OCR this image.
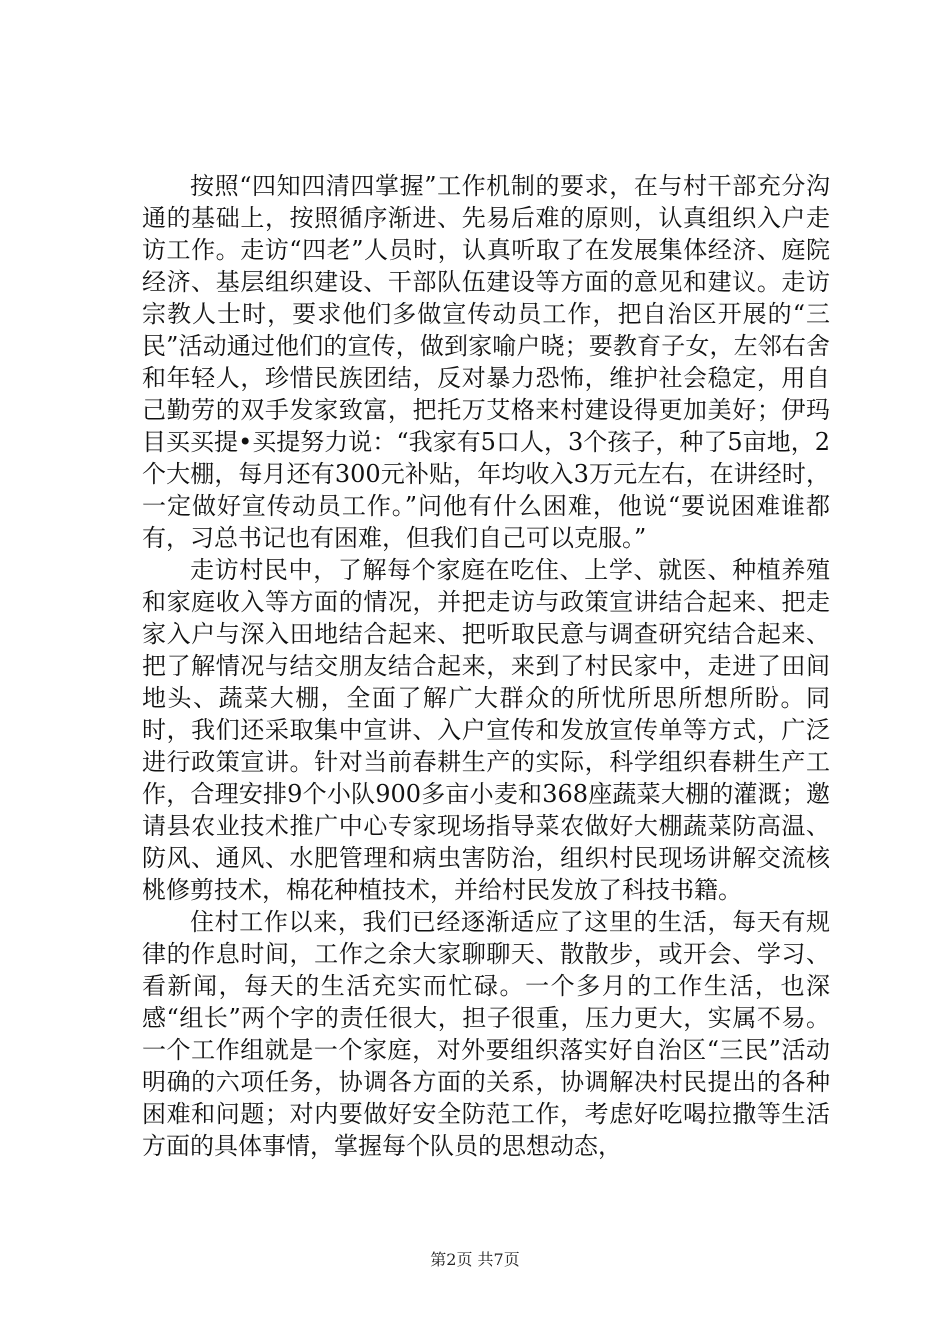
按照“四知四清四掌握”工作机制的要求，在与村干部充分沟通的基础上，按照循序渐进、先易后难的原则，认真组织入户走访工作。走访“四老”人员时，认真听取了在发展集体经济、庭院经济、基层组织建设、干部队伍建设等方面的意见和建议。走访宗教人士时，要求他们多做宣传动员工作，把自治区开展的“三民”活动通过他们的宣传，做到家喻户晓；要教育子女，左邻右舍和年轻人，珍惜民族团结，反对暴力恐怖，维护社会稳定，用自己勤劳的双手发家致富，把托万艾格来村建设得更加美好；伊玛目买买提•买提努力说：“我家有5口人，3个孩子，种了5亩地，2个大棚，每月还有300元补贴，年均收入3万元左右，在讲经时，一定做好宣传动员工作。”问他有什么困难，他说“要说困难谁都有，习总书记也有困难，但我们自己可以克服。”

走访村民中，了解每个家庭在吃住、上学、就医、种植养殖和家庭收入等方面的情况，并把走访与政策宣讲结合起来、把走家入户与深入田地结合起来、把听取民意与调查研究结合起来、把了解情况与结交朋友结合起来，来到了村民家中，走进了田间地头、蔬菜大棚，全面了解广大群众的所忧所思所想所盼。同时，我们还采取集中宣讲、入户宣传和发放宣传单等方式，广泛进行政策宣讲。针对当前春耕生产的实际，科学组织春耕生产工作，合理安排9个小队900多亩小麦和368座蔬菜大棚的灌溉；邀请县农业技术推广中心专家现场指导菜农做好大棚蔬菜防高温、防风、通风、水肥管理和病虫害防治，组织村民现场讲解交流核桃修剪技术，棉花种植技术，并给村民发放了科技书籍。

住村工作以来，我们已经逐渐适应了这里的生活，每天有规律的作息时间，工作之余大家聊聊天、散散步，或开会、学习、看新闻，每天的生活充实而忙碌。一个多月的工作生活，也深感“组长”两个字的责任很大，担子很重，压力更大，实属不易。一个工作组就是一个家庭，对外要组织落实好自治区“三民”活动明确的六项任务，协调各方面的关系，协调解决村民提出的各种困难和问题；对内要做好安全防范工作，考虑好吃喝拉撒等生活方面的具体事情，掌握每个队员的思想动态，

第2页 共7页
